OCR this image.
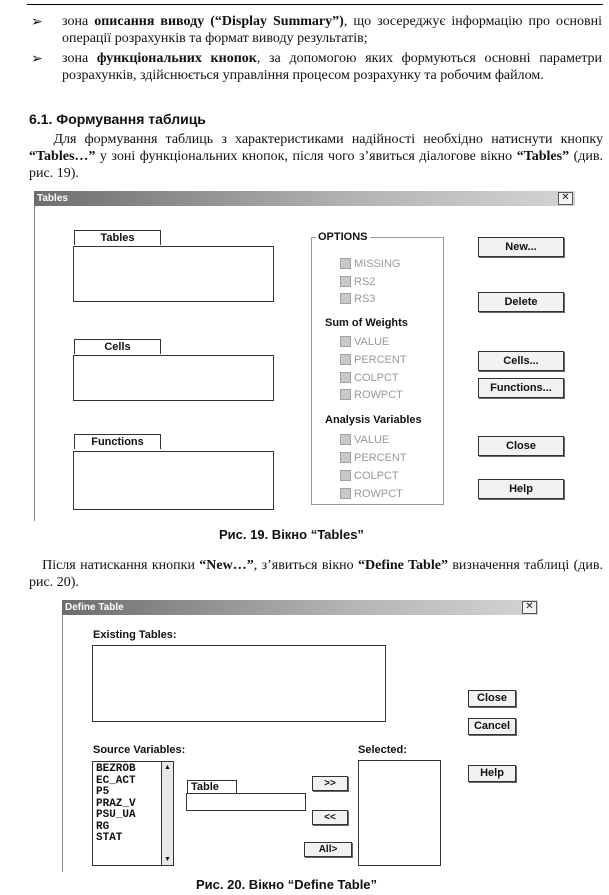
➢ зона описання виводу (“Display Summary”), що зосереджує інформацію про основні операції розрахунків та формат виводу результатів;
➢ зона функціональних кнопок, за допомогою яких формуються основні параметри розрахунків, здійснюється управління процесом розрахунку та робочим файлом.
6.1. Формування таблиць
Для формування таблиць з характеристиками надійності необхідно натиснути кнопку “Tables…” у зоні функціональних кнопок, після чого з’явиться діалогове вікно “Tables” (див. рис. 19).
Tables	✕
Tables
Cells
Functions
OPTIONS
MISSING
RS2
RS3
Sum of Weights
VALUE
PERCENT
COLPCT
ROWPCT
Analysis Variables
VALUE
PERCENT
COLPCT
ROWPCT
New...
Delete
Cells...
Functions...
Close
Help
Рис. 19. Вікно “Tables”
Після натискання кнопки “New…”, з’явиться вікно “Define Table” визначення таблиці (див. рис. 20).
Define Table	✕
Existing Tables:
Close
Cancel
Source Variables:
BEZROB
EC_ACT
P5
PRAZ_V
PSU_UA
RG
STAT
▲
▼
Table	>>
<<
All>
Selected:
Help
Рис. 20. Вікно “Define Table”
